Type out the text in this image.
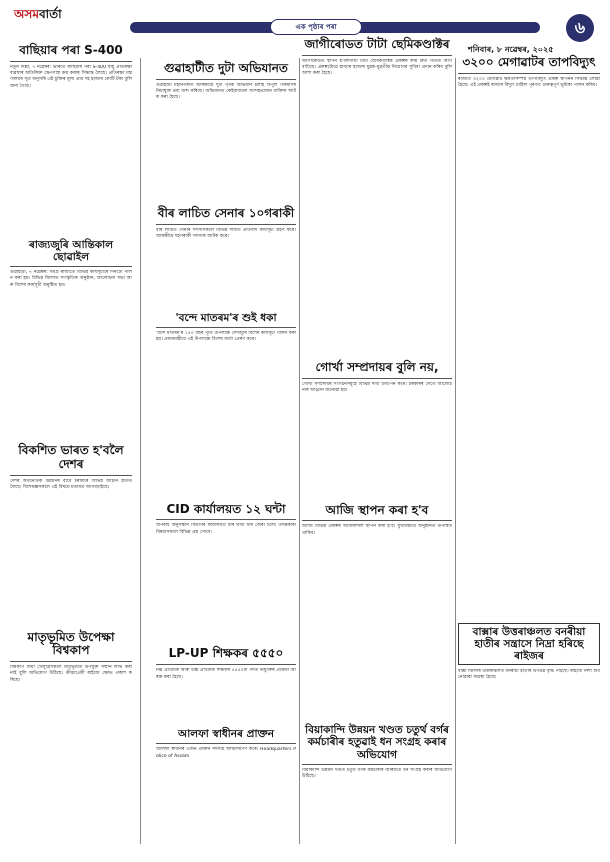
অসমবাৰ্তা
এক পৃষ্ঠাৰ পৰা	৬
শনিবাৰ, ৮ নৱেম্বৰ, ২০২৫
বাছিয়াৰ পৰা S-400
নতুন দিল্লী, ৭ নৱেম্বৰ: ভাৰতে ৰাছিয়াৰ পৰা S-400 বায়ু প্ৰতিৰক্ষা ব্যৱস্থাৰ অতিৰিক্ত ক্ষেপণাস্ত্ৰ ক্ৰয় কৰাৰ সিদ্ধান্ত লৈছে। প্ৰতিৰক্ষা মন্ত্ৰণালয়ৰ সূত্ৰ অনুসৰি এই চুক্তিৰ মূল্য প্ৰায় দহ হাজাৰ কোটি টকা বুলি জনা গৈছে।
ৰাজ্যজুৰি আন্তিকাল ছোৱাইল
গুৱাহাটী, ৭ নৱেম্বৰ: সমগ্ৰ ৰাজ্যতে বিভিন্ন কাৰ্যসূচীৰে দিনটো পালন কৰা হয়। বিভিন্ন জিলাত সাংস্কৃতিক অনুষ্ঠান, আলোচনা সভা আৰু বিশেষ কাৰ্যসূচী অনুষ্ঠিত হয়।
বিকশিত ভাৰত হ'বলৈ দেশৰ
দেশৰ অৰ্থনৈতিক উন্নয়নৰ বাবে চৰকাৰে বিভিন্ন আঁচনি হাতত লৈছে। বিশেষজ্ঞসকলে এই বিষয়ে মতামত আগবঢ়াইছে।
মাতৃভূমিত উপেক্ষা বিশ্বকাপ
বিশ্বকাপ জয়ী খেলুৱৈসকলে মাতৃভূমিত উপযুক্ত সন্মান লাভ কৰা নাই বুলি অভিযোগ উঠিছে। ক্ৰীড়াপ্ৰেমী ৰাইজে ক্ষোভ প্ৰকাশ কৰিছে।
গুৱাহাটীত দুটা অভিযানত
গুৱাহাটী মহানগৰীত আৰক্ষীয়ে দুটা পৃথক অভিযান চলাই বিপুল পৰিমাণৰ নিচাযুক্ত দ্ৰব্য জব্দ কৰিছে। অভিযানত কেইবাজনো সন্দেহভাজন ব্যক্তিক আটক কৰা হৈছে।
বীৰ লাচিত সেনাৰ ১০গৰাকী
বীৰ লাচিত সেনাৰ সদস্যসকলে বিভিন্ন দাবীত প্ৰতিবাদ কাৰ্যসূচী গ্ৰহণ কৰে। আৰক্ষীয়ে দহগৰাকী সদস্যক আটক কৰে।
'বন্দে মাতৰম'ৰ শুই ধকা
'বন্দে মাতৰম'ৰ ১৫০ বছৰ পূৰ্তি উপলক্ষে দেশজুৰি বিশেষ কাৰ্যসূচী পালন কৰা হয়। প্ৰধানমন্ত্ৰীয়ে এই উপলক্ষে বিশেষ বাৰ্তা প্ৰেৰণ কৰে।
CID কাৰ্যালয়ত ১২ ঘন্টা
অপৰাধ অনুসন্ধান বিভাগৰ কাৰ্যালয়ত বাৰ ঘণ্টা ধৰি জেৰা চলে। তদন্তকাৰী বিষয়াসকলে বিভিন্ন প্ৰশ্ন সোধে।
LP-UP শিক্ষকৰ ৫৫৫০
নিম্ন প্ৰাথমিক আৰু উচ্চ প্ৰাথমিক শিক্ষকৰ ৫৫৫০টা পদত নিযুক্তিৰ প্ৰক্ৰিয়া আৰম্ভ কৰা হৈছে।
আলফা স্বাধীনৰ প্ৰাক্তন
আলফা স্বাধীনৰ এজন প্ৰাক্তন সদস্যই আত্মসমৰ্পণ কৰে। Headquarters Police of Assam
জাগীৰোডত টাটা ছেমিকণ্ডাক্টৰ
জাগীৰোডত স্থাপন হ'বলগীয়া টাটা ছেমিকণ্ডাক্টৰ প্ৰকল্পৰ কাম দ্ৰুত গতিত আগবাঢ়িছে। প্ৰকল্পটোৱে হাজাৰ হাজাৰ যুৱক-যুৱতীক নিয়োগৰ সুবিধা প্ৰদান কৰিব বুলি আশা কৰা হৈছে।
গোৰ্খা সম্প্ৰদায়ৰ বুলি নয়,
গোৰ্খা সম্প্ৰদায়ৰ সংগঠনসমূহে বিভিন্ন দাবী উত্থাপন কৰে। চৰকাৰৰ সৈতে আলোচনাৰ আহ্বান জনোৱা হয়।
আজি স্থাপন কৰা হ'ব
আজি বিভিন্ন প্ৰকল্পৰ আধাৰশিলা স্থাপন কৰা হ'ব। মুখ্যমন্ত্ৰীয়ে অনুষ্ঠানত উপস্থিত থাকিব।
বিয়াকান্দি উন্নয়ন খণ্ডত চতুৰ্থ বৰ্গৰ কৰ্মচাৰীৰ হতুৱাই ধন সংগ্ৰহ কৰাৰ অভিযোগ
বিয়াকান্দি উন্নয়ন খণ্ডত চতুৰ্থ বৰ্গৰ কৰ্মচাৰীৰ জৰিয়তে ধন সংগ্ৰহ কৰাৰ অভিযোগ উঠিছে।
৩২০০ মেগাৱাটৰ তাপবিদ্যুৎ
ৰাজ্যত ৩২০০ মেগাৱাট ক্ষমতাসম্পন্ন তাপবিদ্যুৎ প্ৰকল্প স্থাপনৰ সিদ্ধান্ত লোৱা হৈছে। এই প্ৰকল্পই ৰাজ্যৰ বিদ্যুৎ চাহিদা পূৰণত গুৰুত্বপূৰ্ণ ভূমিকা পালন কৰিব।
বাক্সাৰ উত্তৰাঞ্চলত বনৰীয়া হাতীৰ সন্ত্ৰাসে নিদ্ৰা হৰিছে ৰাইজৰ
বাক্সা জিলাৰ উত্তৰাঞ্চলত বনৰীয়া হাতীৰ উপদ্ৰৱ বৃদ্ধি পাইছে। ৰাইজে নিশা শুব নোৱাৰা অৱস্থা হৈছে।
